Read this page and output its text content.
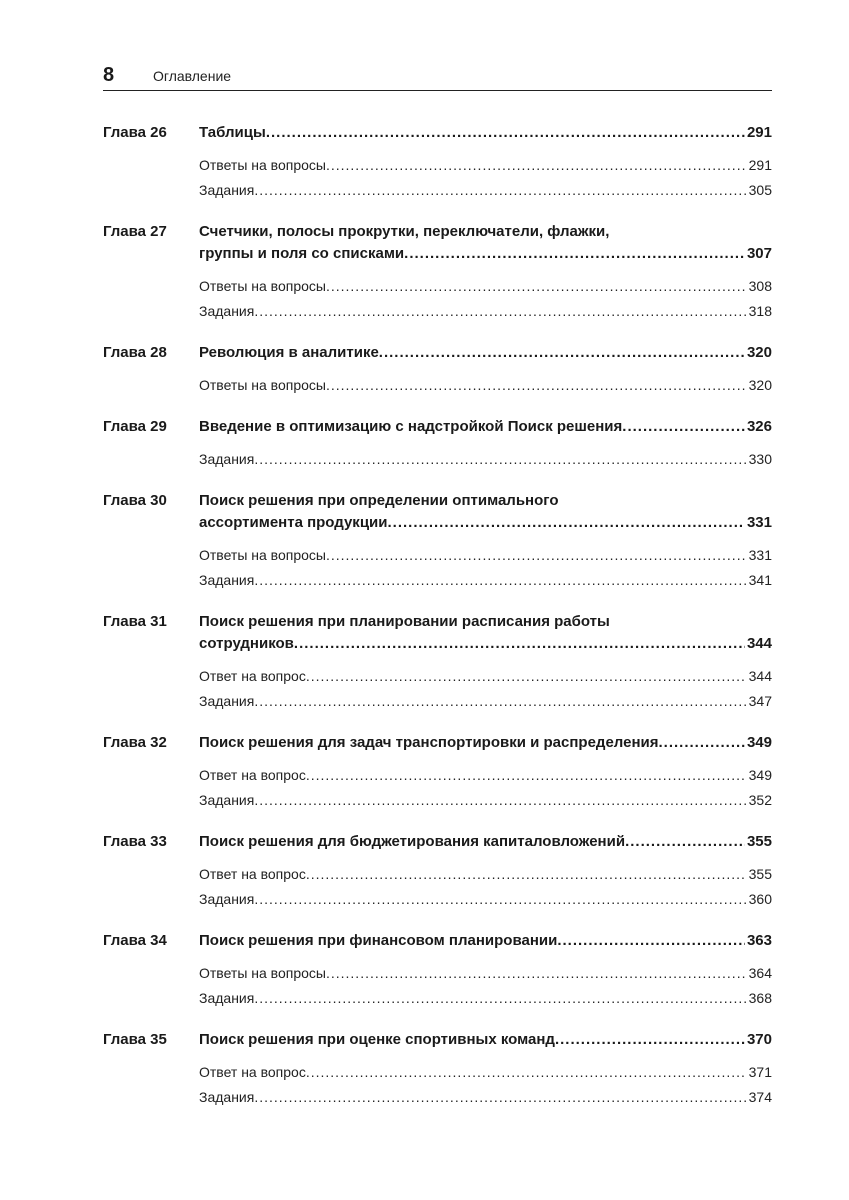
8	Оглавление
Глава 26	Таблицы .....	291
Ответы на вопросы .....	291
Задания .....	305
Глава 27	Счетчики, полосы прокрутки, переключатели, флажки,
группы и поля со списками .....	307
Ответы на вопросы .....	308
Задания .....	318
Глава 28	Революция в аналитике .....	320
Ответы на вопросы .....	320
Глава 29	Введение в оптимизацию с надстройкой Поиск решения .....	326
Задания .....	330
Глава 30	Поиск решения при определении оптимального
ассортимента продукции .....	331
Ответы на вопросы .....	331
Задания .....	341
Глава 31	Поиск решения при планировании расписания работы
сотрудников .....	344
Ответ на вопрос .....	344
Задания .....	347
Глава 32	Поиск решения для задач транспортировки и распределения .....	349
Ответ на вопрос .....	349
Задания .....	352
Глава 33	Поиск решения для бюджетирования капиталовложений .....	355
Ответ на вопрос .....	355
Задания .....	360
Глава 34	Поиск решения при финансовом планировании .....	363
Ответы на вопросы .....	364
Задания .....	368
Глава 35	Поиск решения при оценке спортивных команд .....	370
Ответ на вопрос .....	371
Задания .....	374
